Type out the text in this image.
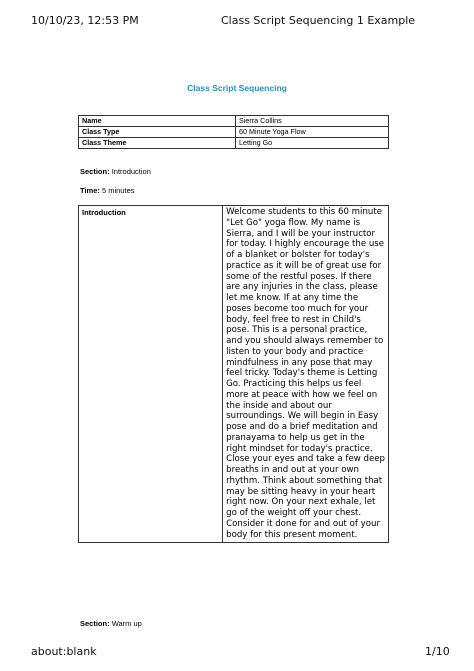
10/10/23, 12:53 PM	Class Script Sequencing 1 Example
Class Script Sequencing
Name	Sierra Collins
Class Type	60 Minute Yoga Flow
Class Theme	Letting Go
Section: Introduction
Time: 5 minutes
Introduction	Welcome students to this 60 minute
"Let Go" yoga flow. My name is
Sierra, and I will be your instructor
for today. I highly encourage the use
of a blanket or bolster for today's
practice as it will be of great use for
some of the restful poses. If there
are any injuries in the class, please
let me know. If at any time the
poses become too much for your
body, feel free to rest in Child's
pose. This is a personal practice,
and you should always remember to
listen to your body and practice
mindfulness in any pose that may
feel tricky. Today's theme is Letting
Go. Practicing this helps us feel
more at peace with how we feel on
the inside and about our
surroundings. We will begin in Easy
pose and do a brief meditation and
pranayama to help us get in the
right mindset for today's practice.
Close your eyes and take a few deep
breaths in and out at your own
rhythm. Think about something that
may be sitting heavy in your heart
right now. On your next exhale, let
go of the weight off your chest.
Consider it done for and out of your
body for this present moment.
Section: Warm up
about:blank	1/10
